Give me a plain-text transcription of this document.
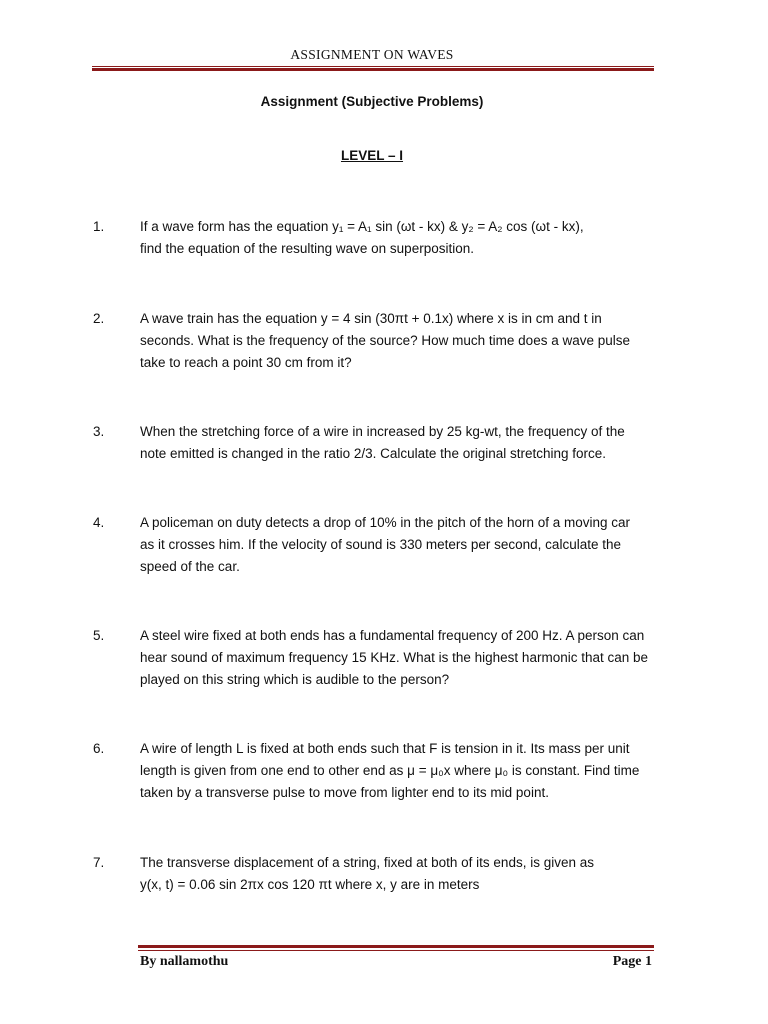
ASSIGNMENT ON WAVES
Assignment (Subjective Problems)
LEVEL – I
1.	If a wave form has the equation y₁ = A₁ sin (ωt - kx) & y₂ = A₂ cos (ωt - kx),
find the equation of the resulting wave on superposition.
2.	A wave train has the equation y = 4 sin (30πt + 0.1x) where x is in cm and t in
seconds. What is the frequency of the source? How much time does a wave pulse
take to reach a point 30 cm from it?
3.	When the stretching force of a wire in increased by 25 kg-wt, the frequency of the
note emitted is changed in the ratio 2/3. Calculate the original stretching force.
4.	A policeman on duty detects a drop of 10% in the pitch of the horn of a moving car
as it crosses him. If the velocity of sound is 330 meters per second, calculate the
speed of the car.
5.	A steel wire fixed at both ends has a fundamental frequency of 200 Hz. A person can
hear sound of maximum frequency 15 KHz. What is the highest harmonic that can be
played on this string which is audible to the person?
6.	A wire of length L is fixed at both ends such that F is tension in it. Its mass per unit
length is given from one end to other end as μ = μ₀x where μ₀ is constant. Find time
taken by a transverse pulse to move from lighter end to its mid point.
7.	The transverse displacement of a string, fixed at both of its ends, is given as
y(x, t) = 0.06 sin 2πx cos 120 πt where x, y are in meters
By nallamothu	Page 1
